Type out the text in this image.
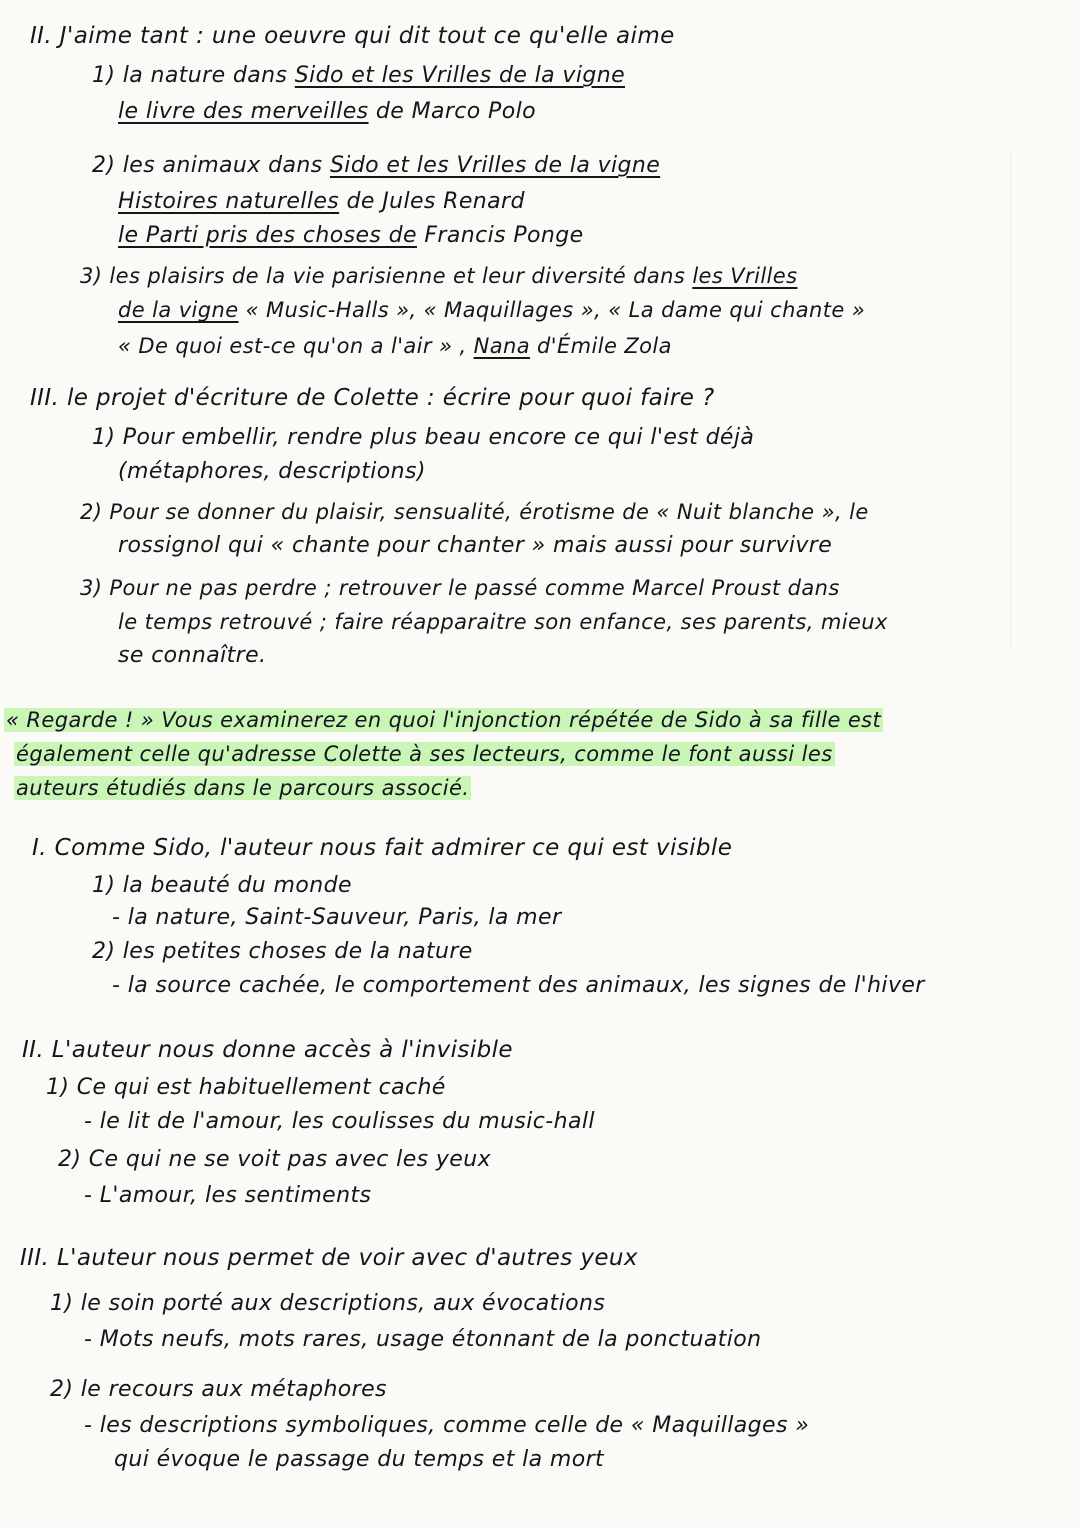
II. J'aime tant : une oeuvre qui dit tout ce qu'elle aime
1) la nature dans Sido et les Vrilles de la vigne
le livre des merveilles de Marco Polo
2) les animaux dans Sido et les Vrilles de la vigne
Histoires naturelles de Jules Renard
le Parti pris des choses de Francis Ponge
3) les plaisirs de la vie parisienne et leur diversité dans les Vrilles
de la vigne « Music-Halls », « Maquillages », « La dame qui chante »
« De quoi est-ce qu'on a l'air » , Nana d'Émile Zola
III. le projet d'écriture de Colette : écrire pour quoi faire ?
1) Pour embellir, rendre plus beau encore ce qui l'est déjà
(métaphores, descriptions)
2) Pour se donner du plaisir, sensualité, érotisme de « Nuit blanche », le
rossignol qui « chante pour chanter » mais aussi pour survivre
3) Pour ne pas perdre ; retrouver le passé comme Marcel Proust dans
le temps retrouvé ; faire réapparaitre son enfance, ses parents, mieux
se connaître.
« Regarde ! » Vous examinerez en quoi l'injonction répétée de Sido à sa fille est
également celle qu'adresse Colette à ses lecteurs, comme le font aussi les
auteurs étudiés dans le parcours associé.
I. Comme Sido, l'auteur nous fait admirer ce qui est visible
1) la beauté du monde
- la nature, Saint-Sauveur, Paris, la mer
2) les petites choses de la nature
- la source cachée, le comportement des animaux, les signes de l'hiver
II. L'auteur nous donne accès à l'invisible
1) Ce qui est habituellement caché
- le lit de l'amour, les coulisses du music-hall
2) Ce qui ne se voit pas avec les yeux
- L'amour, les sentiments
III. L'auteur nous permet de voir avec d'autres yeux
1) le soin porté aux descriptions, aux évocations
- Mots neufs, mots rares, usage étonnant de la ponctuation
2) le recours aux métaphores
- les descriptions symboliques, comme celle de « Maquillages »
qui évoque le passage du temps et la mort
